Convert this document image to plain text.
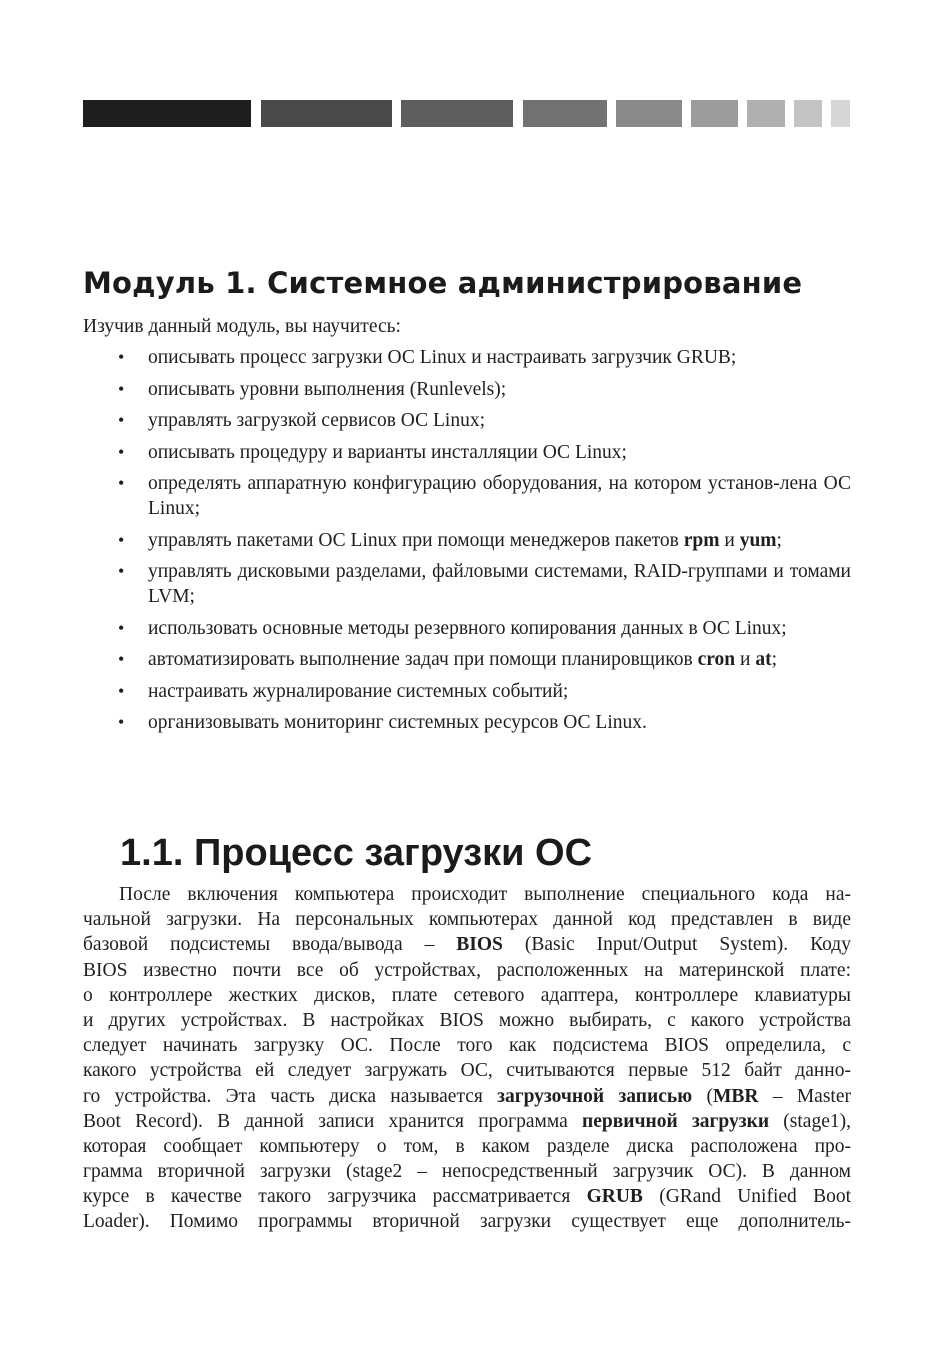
Модуль 1. Системное администрирование
Изучив данный модуль, вы научитесь:
• описывать процесс загрузки ОС Linux и настраивать загрузчик GRUB;
• описывать уровни выполнения (Runlevels);
• управлять загрузкой сервисов ОС Linux;
• описывать процедуру и варианты инсталляции ОС Linux;
• определять аппаратную конфигурацию оборудования, на котором установ-лена ОС Linux;
• управлять пакетами ОС Linux при помощи менеджеров пакетов rpm и yum;
• управлять дисковыми разделами, файловыми системами, RAID-группами и томами LVM;
• использовать основные методы резервного копирования данных в ОС Linux;
• автоматизировать выполнение задач при помощи планировщиков cron и at;
• настраивать журналирование системных событий;
• организовывать мониторинг системных ресурсов ОС Linux.
1.1. Процесс загрузки ОС
После включения компьютера происходит выполнение специального кода на-
чальной загрузки. На персональных компьютерах данной код представлен в виде
базовой подсистемы ввода/вывода – BIOS (Basic Input/Output System). Коду
BIOS известно почти все об устройствах, расположенных на материнской плате:
о контроллере жестких дисков, плате сетевого адаптера, контроллере клавиатуры
и других устройствах. В настройках BIOS можно выбирать, с какого устройства
следует начинать загрузку ОС. После того как подсистема BIOS определила, с
какого устройства ей следует загружать ОС, считываются первые 512 байт данно-
го устройства. Эта часть диска называется загрузочной записью (MBR – Master
Boot Record). В данной записи хранится программа первичной загрузки (stage1),
которая сообщает компьютеру о том, в каком разделе диска расположена про-
грамма вторичной загрузки (stage2 – непосредственный загрузчик ОС). В данном
курсе в качестве такого загрузчика рассматривается GRUB (GRand Unified Boot
Loader). Помимо программы вторичной загрузки существует еще дополнитель-
